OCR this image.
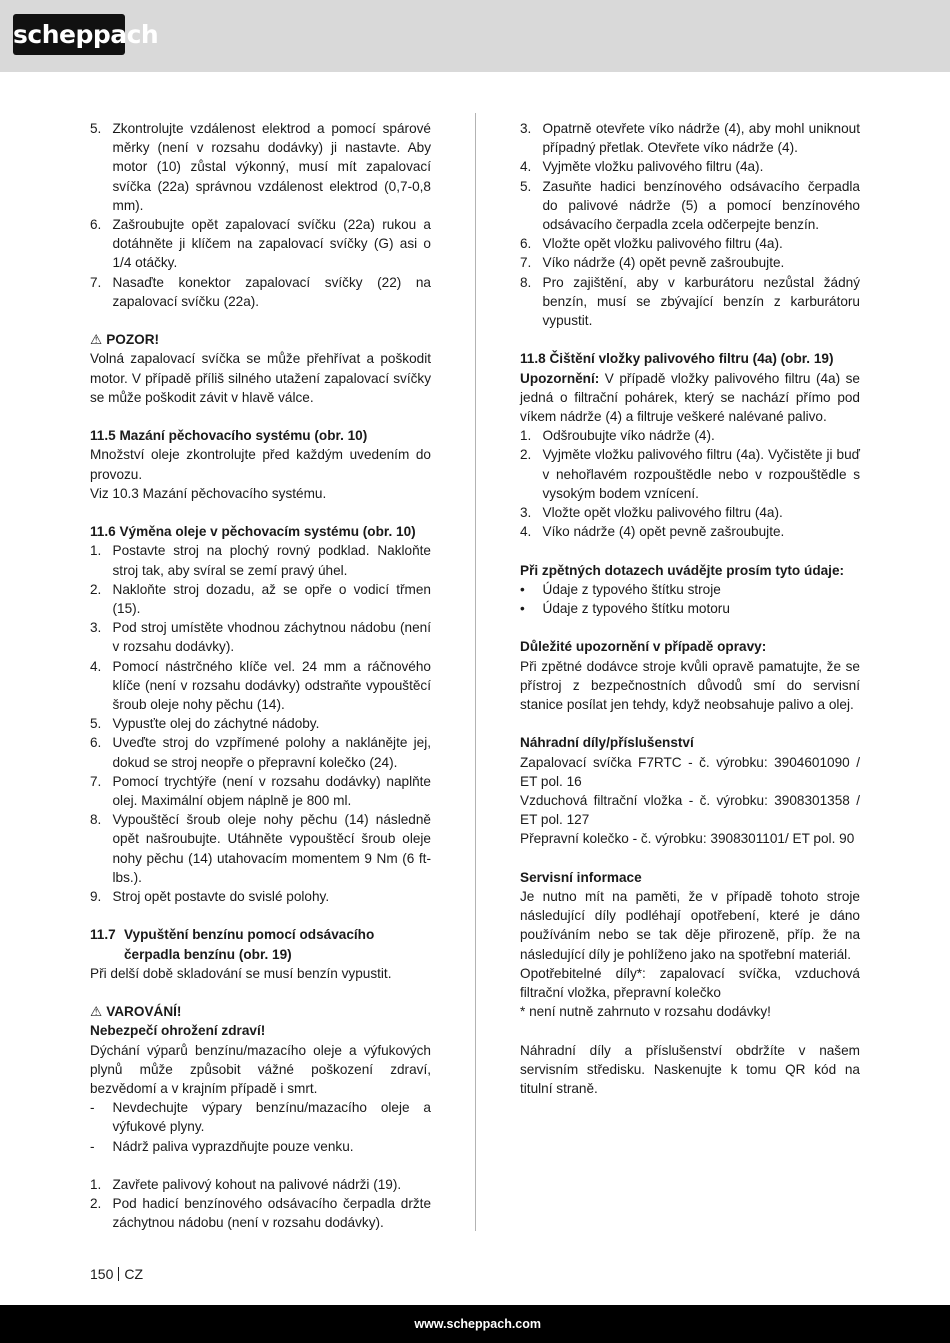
scheppach
5. Zkontrolujte vzdálenost elektrod a pomocí spárové měrky (není v rozsahu dodávky) ji nastavte. Aby motor (10) zůstal výkonný, musí mít zapalovací svíčka (22a) správnou vzdálenost elektrod (0,7-0,8 mm).
6. Zašroubujte opět zapalovací svíčku (22a) rukou a dotáhněte ji klíčem na zapalovací svíčky (G) asi o 1/4 otáčky.
7. Nasaďte konektor zapalovací svíčky (22) na zapalovací svíčku (22a).

⚠ POZOR!

Volná zapalovací svíčka se může přehřívat a poškodit motor. V případě příliš silného utažení zapalovací svíčky se může poškodit závit v hlavě válce.

11.5 Mazání pěchovacího systému (obr. 10)

Množství oleje zkontrolujte před každým uvedením do provozu.

Viz 10.3 Mazání pěchovacího systému.

11.6 Výměna oleje v pěchovacím systému (obr. 10)

1. Postavte stroj na plochý rovný podklad. Nakloňte stroj tak, aby svíral se zemí pravý úhel.
2. Nakloňte stroj dozadu, až se opře o vodicí třmen (15).
3. Pod stroj umístěte vhodnou záchytnou nádobu (není v rozsahu dodávky).
4. Pomocí nástrčného klíče vel. 24 mm a ráčnového klíče (není v rozsahu dodávky) odstraňte vypouštěcí šroub oleje nohy pěchu (14).
5. Vypusťte olej do záchytné nádoby.
6. Uveďte stroj do vzpřímené polohy a naklánějte jej, dokud se stroj neopře o přepravní kolečko (24).
7. Pomocí trychtýře (není v rozsahu dodávky) naplňte olej. Maximální objem náplně je 800 ml.
8. Vypouštěcí šroub oleje nohy pěchu (14) následně opět našroubujte. Utáhněte vypouštěcí šroub oleje nohy pěchu (14) utahovacím momentem 9 Nm (6 ft-lbs.).
9. Stroj opět postavte do svislé polohy.

11.7 Vypuštění benzínu pomocí odsávacího

čerpadla benzínu (obr. 19)

Při delší době skladování se musí benzín vypustit.

⚠ VAROVÁNÍ!

Nebezpečí ohrožení zdraví!

Dýchání výparů benzínu/mazacího oleje a výfukových plynů může způsobit vážné poškození zdraví, bezvědomí a v krajním případě i smrt.

- Nevdechujte výpary benzínu/mazacího oleje a výfukové plyny.
- Nádrž paliva vyprazdňujte pouze venku.
1. Zavřete palivový kohout na palivové nádrži (19).
2. Pod hadicí benzínového odsávacího čerpadla držte záchytnou nádobu (není v rozsahu dodávky).
3. Opatrně otevřete víko nádrže (4), aby mohl uniknout případný přetlak. Otevřete víko nádrže (4).
4. Vyjměte vložku palivového filtru (4a).
5. Zasuňte hadici benzínového odsávacího čerpadla do palivové nádrže (5) a pomocí benzínového odsávacího čerpadla zcela odčerpejte benzín.
6. Vložte opět vložku palivového filtru (4a).
7. Víko nádrže (4) opět pevně zašroubujte.
8. Pro zajištění, aby v karburátoru nezůstal žádný benzín, musí se zbývající benzín z karburátoru vypustit.

11.8 Čištění vložky palivového filtru (4a) (obr. 19)

Upozornění: V případě vložky palivového filtru (4a) se jedná o filtrační pohárek, který se nachází přímo pod víkem nádrže (4) a filtruje veškeré nalévané palivo.

1. Odšroubujte víko nádrže (4).
2. Vyjměte vložku palivového filtru (4a). Vyčistěte ji buď v nehořlavém rozpouštědle nebo v rozpouštědle s vysokým bodem vznícení.
3. Vložte opět vložku palivového filtru (4a).
4. Víko nádrže (4) opět pevně zašroubujte.

Při zpětných dotazech uvádějte prosím tyto údaje:

• Údaje z typového štítku stroje
• Údaje z typového štítku motoru

Důležité upozornění v případě opravy:

Při zpětné dodávce stroje kvůli opravě pamatujte, že se přístroj z bezpečnostních důvodů smí do servisní stanice posílat jen tehdy, když neobsahuje palivo a olej.

Náhradní díly/příslušenství

Zapalovací svíčka F7RTC - č. výrobku: 3904601090 / ET pol. 16

Vzduchová filtrační vložka - č. výrobku: 3908301358 / ET pol. 127

Přepravní kolečko - č. výrobku: 3908301101/ ET pol. 90

Servisní informace

Je nutno mít na paměti, že v případě tohoto stroje následující díly podléhají opotřebení, které je dáno používáním nebo se tak děje přirozeně, příp. že na následující díly je pohlíženo jako na spotřební materiál.

Opotřebitelné díly*: zapalovací svíčka, vzduchová filtrační vložka, přepravní kolečko

* není nutně zahrnuto v rozsahu dodávky!

Náhradní díly a příslušenství obdržíte v našem servisním středisku. Naskenujte k tomu QR kód na titulní straně.

150 CZ
www.scheppach.com
